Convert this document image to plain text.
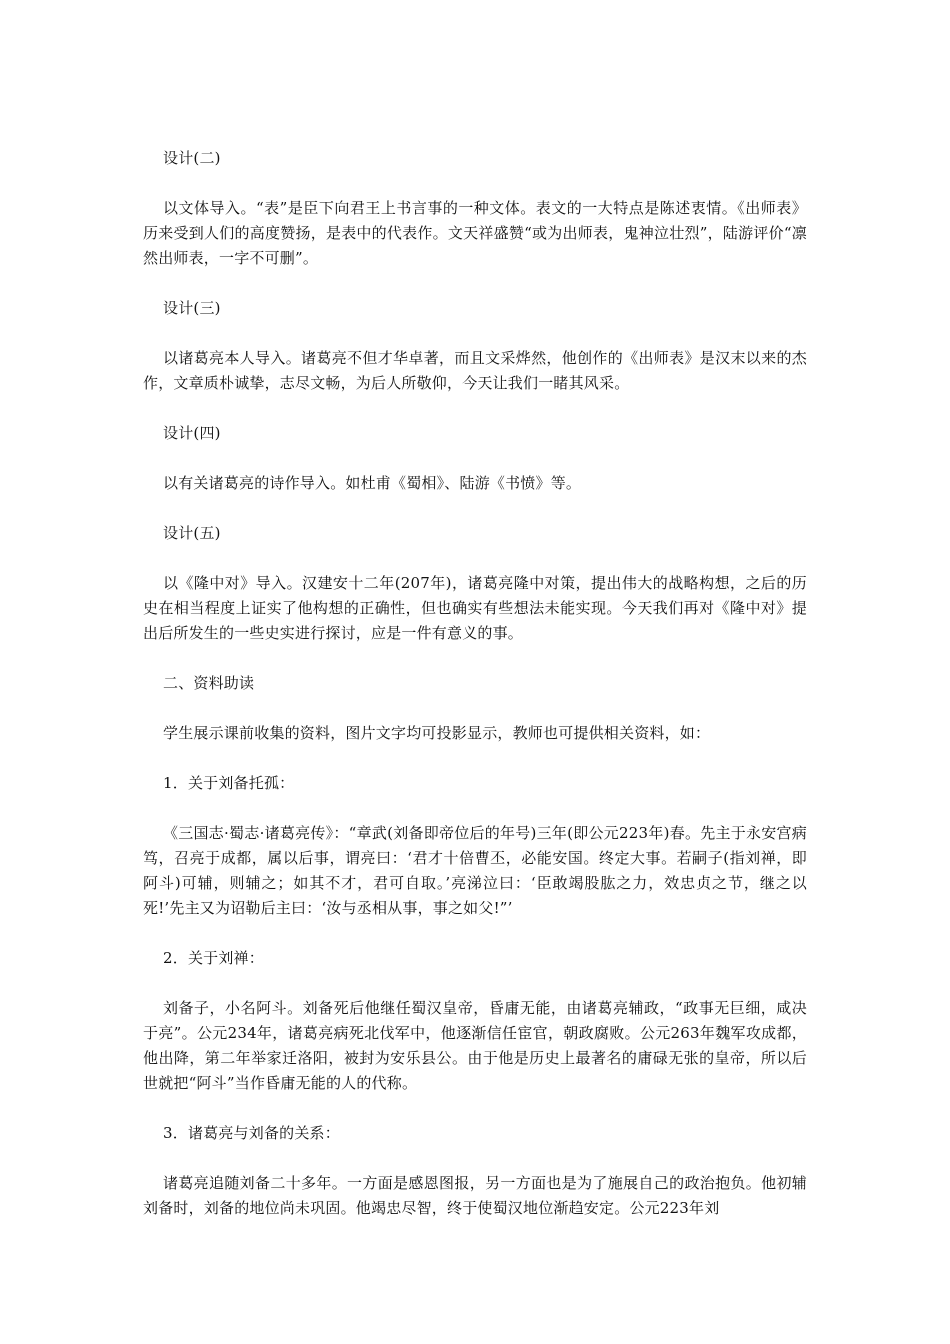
设计(二)

以文体导入。“表”是臣下向君王上书言事的一种文体。表文的一大特点是陈述衷情。《出师表》历来受到人们的高度赞扬，是表中的代表作。文天祥盛赞“或为出师表，鬼神泣壮烈”，陆游评价“凛然出师表，一字不可删”。

设计(三)

以诸葛亮本人导入。诸葛亮不但才华卓著，而且文采烨然，他创作的《出师表》是汉末以来的杰作，文章质朴诚挚，志尽文畅，为后人所敬仰，今天让我们一睹其风采。

设计(四)

以有关诸葛亮的诗作导入。如杜甫《蜀相》、陆游《书愤》等。

设计(五)

以《隆中对》导入。汉建安十二年(207年)，诸葛亮隆中对策，提出伟大的战略构想，之后的历史在相当程度上证实了他构想的正确性，但也确实有些想法未能实现。今天我们再对《隆中对》提出后所发生的一些史实进行探讨，应是一件有意义的事。

二、资料助读

学生展示课前收集的资料，图片文字均可投影显示，教师也可提供相关资料，如：

1．关于刘备托孤：

《三国志·蜀志·诸葛亮传》：“章武(刘备即帝位后的年号)三年(即公元223年)春。先主于永安宫病笃，召亮于成都，属以后事，谓亮曰：‘君才十倍曹丕，必能安国。终定大事。若嗣子(指刘禅，即阿斗)可辅，则辅之；如其不才，君可自取。’亮涕泣曰：‘臣敢竭股肱之力，效忠贞之节，继之以死!’先主又为诏勒后主曰：‘汝与丞相从事，事之如父!”’

2．关于刘禅：

刘备子，小名阿斗。刘备死后他继任蜀汉皇帝，昏庸无能，由诸葛亮辅政，“政事无巨细，咸决于亮”。公元234年，诸葛亮病死北伐军中，他逐渐信任宦官，朝政腐败。公元263年魏军攻成都，他出降，第二年举家迁洛阳，被封为安乐县公。由于他是历史上最著名的庸碌无张的皇帝，所以后世就把“阿斗”当作昏庸无能的人的代称。

3．诸葛亮与刘备的关系：

诸葛亮追随刘备二十多年。一方面是感恩图报，另一方面也是为了施展自己的政治抱负。他初辅刘备时，刘备的地位尚未巩固。他竭忠尽智，终于使蜀汉地位渐趋安定。公元223年刘
